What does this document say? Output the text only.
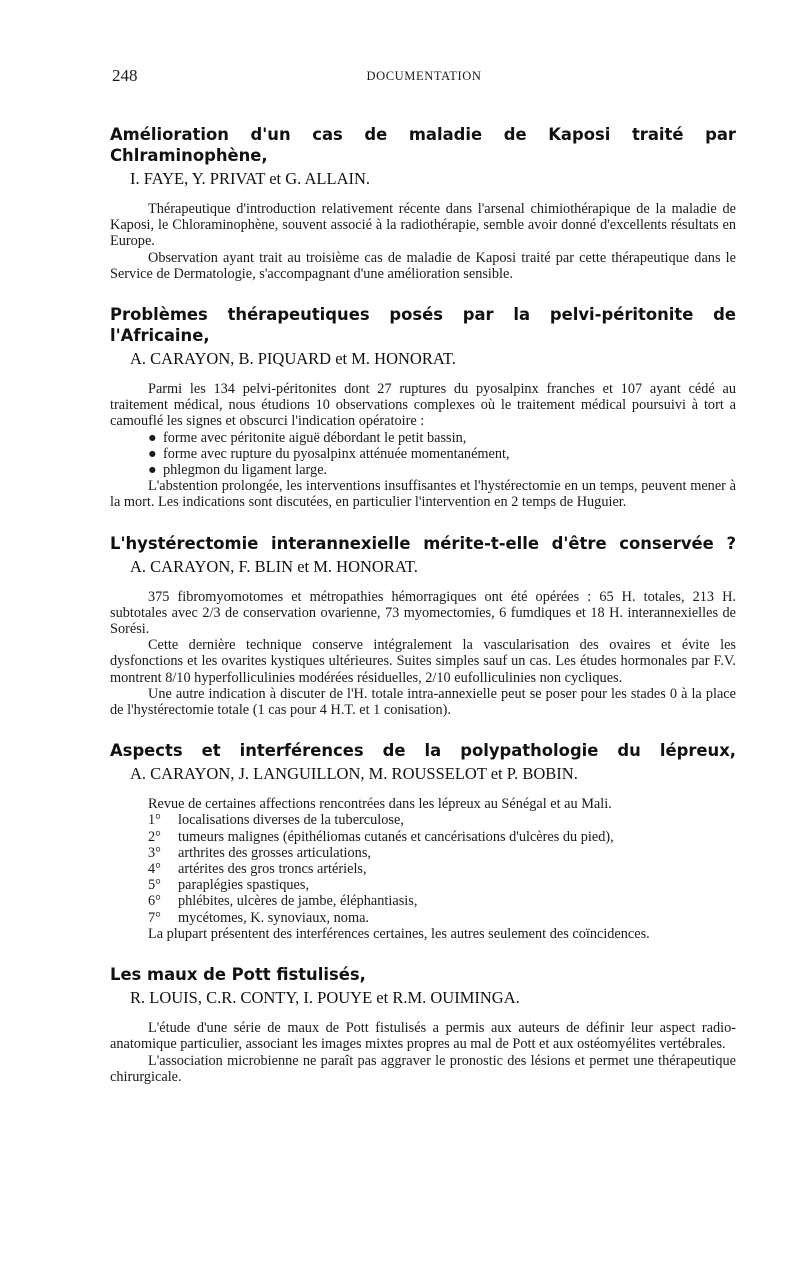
248	DOCUMENTATION
Amélioration d'un cas de maladie de Kaposi traité par Chlraminophène,
I. FAYE, Y. PRIVAT et G. ALLAIN.

Thérapeutique d'introduction relativement récente dans l'arsenal chimiothérapique de la maladie de Kaposi, le Chloraminophène, souvent associé à la radiothérapie, semble avoir donné d'excellents résultats en Europe.

Observation ayant trait au troisième cas de maladie de Kaposi traité par cette thérapeutique dans le Service de Dermatologie, s'accompagnant d'une amélioration sensible.

Problèmes thérapeutiques posés par la pelvi-péritonite de l'Africaine,
A. CARAYON, B. PIQUARD et M. HONORAT.

Parmi les 134 pelvi-péritonites dont 27 ruptures du pyosalpinx franches et 107 ayant cédé au traitement médical, nous étudions 10 observations complexes où le traitement médical poursuivi à tort a camouflé les signes et obscurci l'indication opératoire :

● forme avec péritonite aiguë débordant le petit bassin,
● forme avec rupture du pyosalpinx atténuée momentanément,
● phlegmon du ligament large.

L'abstention prolongée, les interventions insuffisantes et l'hystérectomie en un temps, peuvent mener à la mort. Les indications sont discutées, en particulier l'intervention en 2 temps de Huguier.

L'hystérectomie interannexielle mérite-t-elle d'être conservée ?
A. CARAYON, F. BLIN et M. HONORAT.

375 fibromyomotomes et métropathies hémorragiques ont été opérées : 65 H. totales, 213 H. subtotales avec 2/3 de conservation ovarienne, 73 myomectomies, 6 fumdiques et 18 H. interannexielles de Sorési.

Cette dernière technique conserve intégralement la vascularisation des ovaires et évite les dysfonctions et les ovarites kystiques ultérieures. Suites simples sauf un cas. Les études hormonales par F.V. montrent 8/10 hyperfolliculinies modérées résiduelles, 2/10 eufolliculinies non cycliques.

Une autre indication à discuter de l'H. totale intra-annexielle peut se poser pour les stades 0 à la place de l'hystérectomie totale (1 cas pour 4 H.T. et 1 conisation).

Aspects et interférences de la polypathologie du lépreux,
A. CARAYON, J. LANGUILLON, M. ROUSSELOT et P. BOBIN.

Revue de certaines affections rencontrées dans les lépreux au Sénégal et au Mali.

1° localisations diverses de la tuberculose,
2° tumeurs malignes (épithéliomas cutanés et cancérisations d'ulcères du pied),
3° arthrites des grosses articulations,
4° artérites des gros troncs artériels,
5° paraplégies spastiques,
6° phlébites, ulcères de jambe, éléphantiasis,
7° mycétomes, K. synoviaux, noma.

La plupart présentent des interférences certaines, les autres seulement des coïncidences.

Les maux de Pott fistulisés,
R. LOUIS, C.R. CONTY, I. POUYE et R.M. OUIMINGA.

L'étude d'une série de maux de Pott fistulisés a permis aux auteurs de définir leur aspect radio-anatomique particulier, associant les images mixtes propres au mal de Pott et aux ostéomyélites vertébrales.

L'association microbienne ne paraît pas aggraver le pronostic des lésions et permet une thérapeutique chirurgicale.
